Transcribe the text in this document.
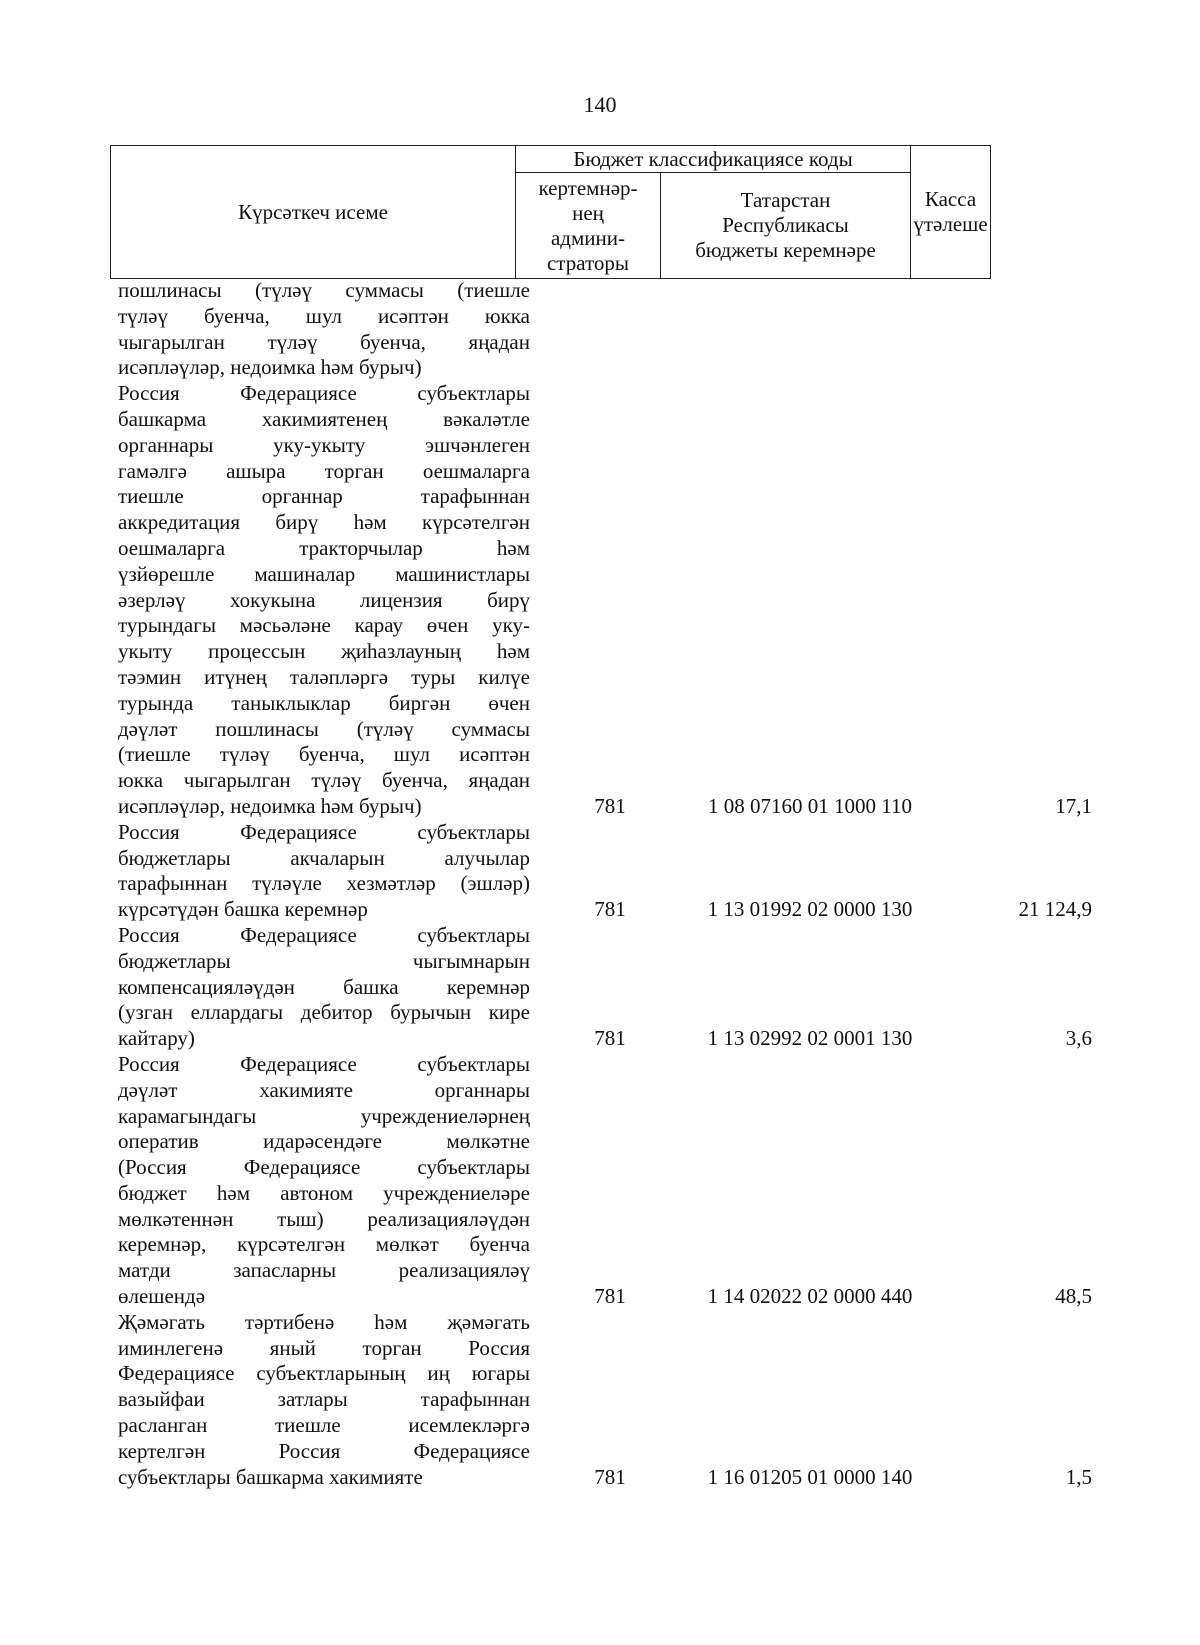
140
Күрсәткеч исеме	Бюджет классификациясе коды		Касса
үтәлеше
	кертемнәр-
нең
админи-
страторы	Татарстан
Республикасы
бюджеты керемнәре	
пошлинасы (түләү суммасы (тиешле
түләү буенча, шул исәптән юкка
чыгарылган түләү буенча, яңадан
исәпләүләр, недоимка һәм бурыч)
Россия Федерациясе субъектлары
башкарма хакимиятенең вәкаләтле
органнары уку-укыту эшчәнлеген
гамәлгә ашыра торган оешмаларга
тиешле органнар тарафыннан
аккредитация бирү һәм күрсәтелгән
оешмаларга тракторчылар һәм
үзйөрешле машиналар машинистлары
әзерләү хокукына лицензия бирү
турындагы мәсьәләне карау өчен уку-
укыту процессын җиһазлауның һәм
тәэмин итүнең таләпләргә туры килүе
турында таныклыклар биргән өчен
дәүләт пошлинасы (түләү суммасы
(тиешле түләү буенча, шул исәптән
юкка чыгарылган түләү буенча, яңадан
исәпләүләр, недоимка һәм бурыч)	781	1 08 07160 01 1000 110	17,1
Россия Федерациясе субъектлары
бюджетлары акчаларын алучылар
тарафыннан түләүле хезмәтләр (эшләр)
күрсәтүдән башка керемнәр	781	1 13 01992 02 0000 130	21 124,9
Россия Федерациясе субъектлары
бюджетлары чыгымнарын
компенсацияләүдән башка керемнәр
(узган еллардагы дебитор бурычын кире
кайтару)	781	1 13 02992 02 0001 130	3,6
Россия Федерациясе субъектлары
дәүләт хакимияте органнары
карамагындагы учреждениеләрнең
оператив идарәсендәге мөлкәтне
(Россия Федерациясе субъектлары
бюджет һәм автоном учреждениеләре
мөлкәтеннән тыш) реализацияләүдән
керемнәр, күрсәтелгән мөлкәт буенча
матди запасларны реализацияләү
өлешендә	781	1 14 02022 02 0000 440	48,5
Җәмәгать тәртибенә һәм җәмәгать
иминлегенә яный торган Россия
Федерациясе субъектларының иң югары
вазыйфаи затлары тарафыннан
расланган тиешле исемлекләргә
кертелгән Россия Федерациясе
субъектлары башкарма хакимияте	781	1 16 01205 01 0000 140	1,5
